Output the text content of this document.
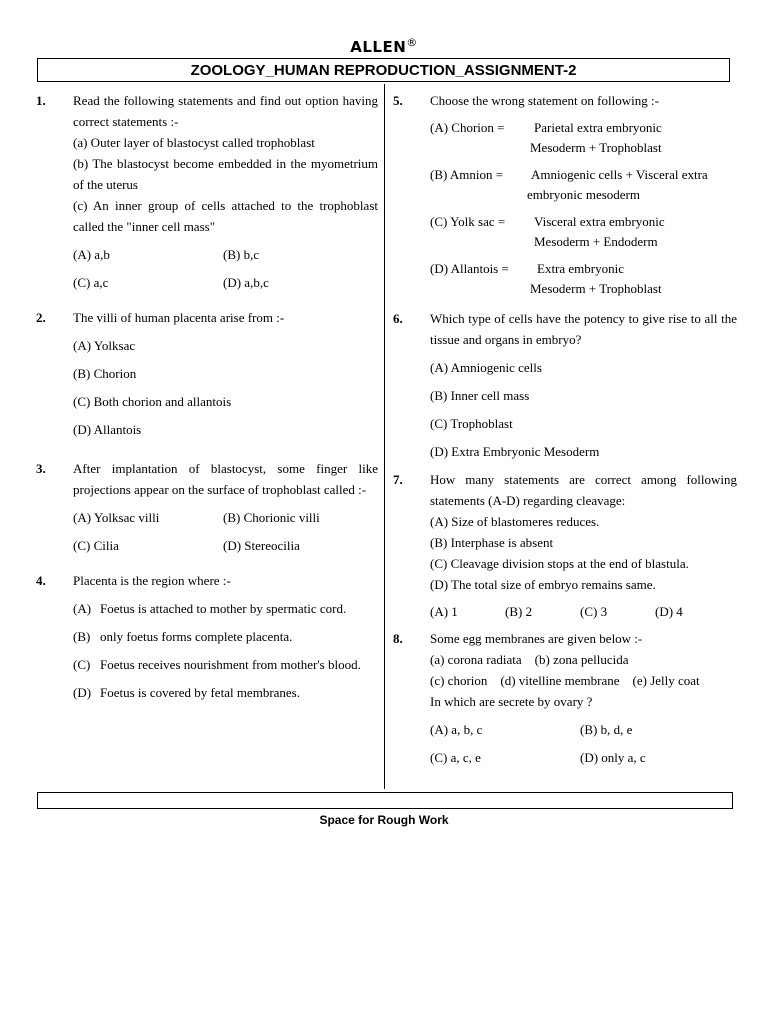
ALLEN®
ZOOLOGY_HUMAN REPRODUCTION_ASSIGNMENT-2
1. Read the following statements and find out option having correct statements :-
(a) Outer layer of blastocyst called trophoblast
(b) The blastocyst become embedded in the myometrium of the uterus
(c) An inner group of cells attached to the trophoblast called the "inner cell mass"
(A) a,b	(B) b,c
(C) a,c	(D) a,b,c
2. The villi of human placenta arise from :-
(A) Yolksac
(B) Chorion
(C) Both chorion and allantois
(D) Allantois
3. After implantation of blastocyst, some finger like projections appear on the surface of trophoblast called :-
(A) Yolksac villi	(B) Chorionic villi
(C) Cilia	(D) Stereocilia
4. Placenta is the region where :-
(A) Foetus is attached to mother by spermatic cord.
(B) only foetus forms complete placenta.
(C) Foetus receives nourishment from mother's blood.
(D) Foetus is covered by fetal membranes.
5. Choose the wrong statement on following :-
(A) Chorion = Parietal extra embryonic
Mesoderm + Trophoblast
(B) Amnion = Amniogenic cells + Visceral extra
embryonic mesoderm
(C) Yolk sac = Visceral extra embryonic
Mesoderm + Endoderm
(D) Allantois = Extra embryonic
Mesoderm + Trophoblast
6. Which type of cells have the potency to give rise to all the tissue and organs in embryo?
(A) Amniogenic cells
(B) Inner cell mass
(C) Trophoblast
(D) Extra Embryonic Mesoderm
7. How many statements are correct among following statements (A-D) regarding cleavage:
(A) Size of blastomeres reduces.
(B) Interphase is absent
(C) Cleavage division stops at the end of blastula.
(D) The total size of embryo remains same.
(A) 1	(B) 2	(C) 3	(D) 4
8. Some egg membranes are given below :-
(a) corona radiata    (b) zona pellucida
(c) chorion    (d) vitelline membrane    (e) Jelly coat
In which are secrete by ovary ?
(A) a, b, c	(B) b, d, e
(C) a, c, e	(D) only a, c
Space for Rough Work
